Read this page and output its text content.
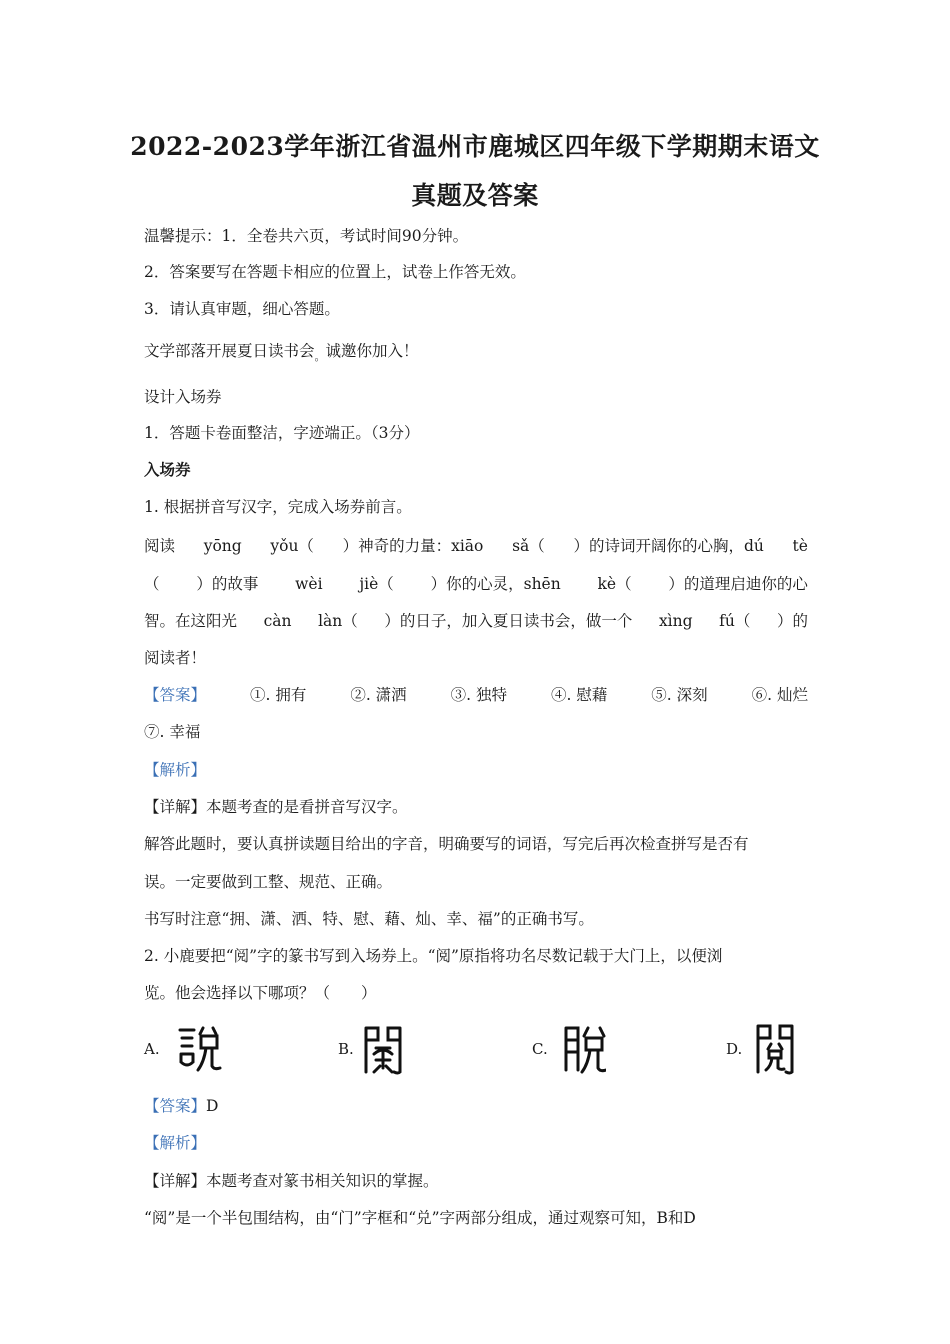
2022-2023学年浙江省温州市鹿城区四年级下学期期末语文
真题及答案
温馨提示：1．全卷共六页，考试时间90分钟。
2．答案要写在答题卡相应的位置上，试卷上作答无效。
3．请认真审题，细心答题。
文学部落开展夏日读书会$_。$诚邀你加入！
设计入场券
1．答题卡卷面整洁，字迹端正。（3分）
入场券
1. 根据拼音写汉字，完成入场券前言。
阅读 yōng yǒu（ ）神奇的力量：xiāo sǎ（ ）的诗词开阔你的心胸，dú tè
（ ）的故事 wèi jiè（ ）你的心灵，shēn kè（ ）的道理启迪你的心
智。在这阳光 càn làn（ ）的日子，加入夏日读书会，做一个 xìng fú（ ）的
阅读者！
【答案】	①. 拥有	②. 潇洒	③. 独特	④. 慰藉	⑤. 深刻	⑥. 灿烂
⑦. 幸福
【解析】
【详解】本题考查的是看拼音写汉字。
解答此题时，要认真拼读题目给出的字音，明确要写的词语，写完后再次检查拼写是否有
误。一定要做到工整、规范、正确。
书写时注意“拥、潇、洒、特、慰、藉、灿、幸、福”的正确书写。
2. 小鹿要把“阅”字的篆书写到入场券上。“阅”原指将功名尽数记载于大门上，以便浏
览。他会选择以下哪项？（　　）
A.	B.	C.	D.
【答案】D
【解析】
【详解】本题考查对篆书相关知识的掌握。
“阅”是一个半包围结构，由“门”字框和“兑”字两部分组成，通过观察可知，B和D
